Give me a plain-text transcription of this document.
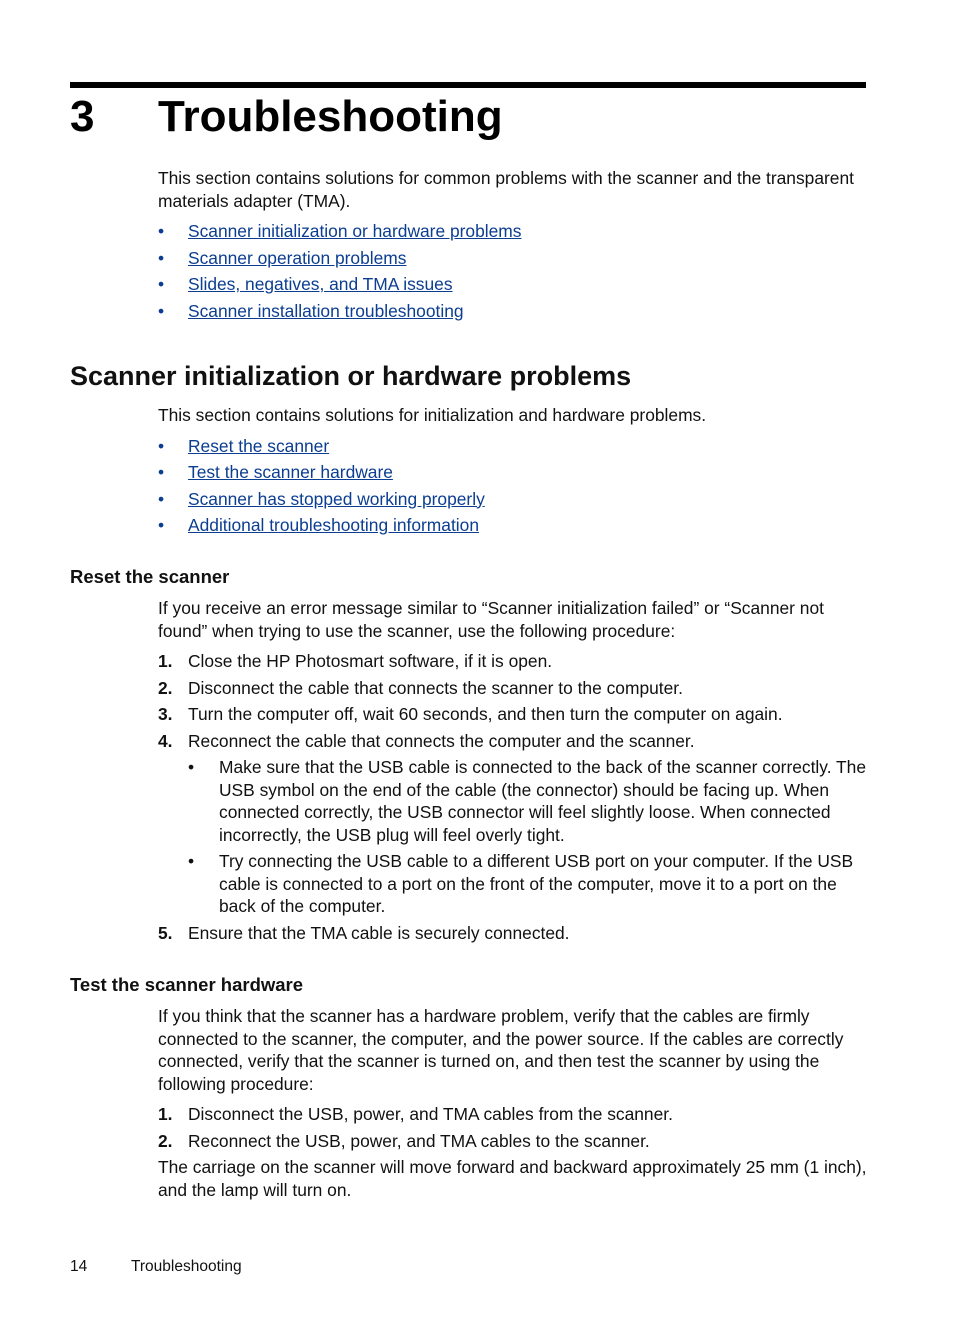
3 Troubleshooting

This section contains solutions for common problems with the scanner and the transparent materials adapter (TMA).

• Scanner initialization or hardware problems
• Scanner operation problems
• Slides, negatives, and TMA issues
• Scanner installation troubleshooting
Scanner initialization or hardware problems

This section contains solutions for initialization and hardware problems.

• Reset the scanner
• Test the scanner hardware
• Scanner has stopped working properly
• Additional troubleshooting information
Reset the scanner

If you receive an error message similar to “Scanner initialization failed” or “Scanner not found” when trying to use the scanner, use the following procedure:

1. Close the HP Photosmart software, if it is open.
2. Disconnect the cable that connects the scanner to the computer.
3. Turn the computer off, wait 60 seconds, and then turn the computer on again.
4. Reconnect the cable that connects the computer and the scanner.
• Make sure that the USB cable is connected to the back of the scanner correctly. The USB symbol on the end of the cable (the connector) should be facing up. When connected correctly, the USB connector will feel slightly loose. When connected incorrectly, the USB plug will feel overly tight.
• Try connecting the USB cable to a different USB port on your computer. If the USB cable is connected to a port on the front of the computer, move it to a port on the back of the computer.
5. Ensure that the TMA cable is securely connected.
Test the scanner hardware

If you think that the scanner has a hardware problem, verify that the cables are firmly connected to the scanner, the computer, and the power source. If the cables are correctly connected, verify that the scanner is turned on, and then test the scanner by using the following procedure:

1. Disconnect the USB, power, and TMA cables from the scanner.
2. Reconnect the USB, power, and TMA cables to the scanner.

The carriage on the scanner will move forward and backward approximately 25 mm (1 inch), and the lamp will turn on.

14	Troubleshooting
